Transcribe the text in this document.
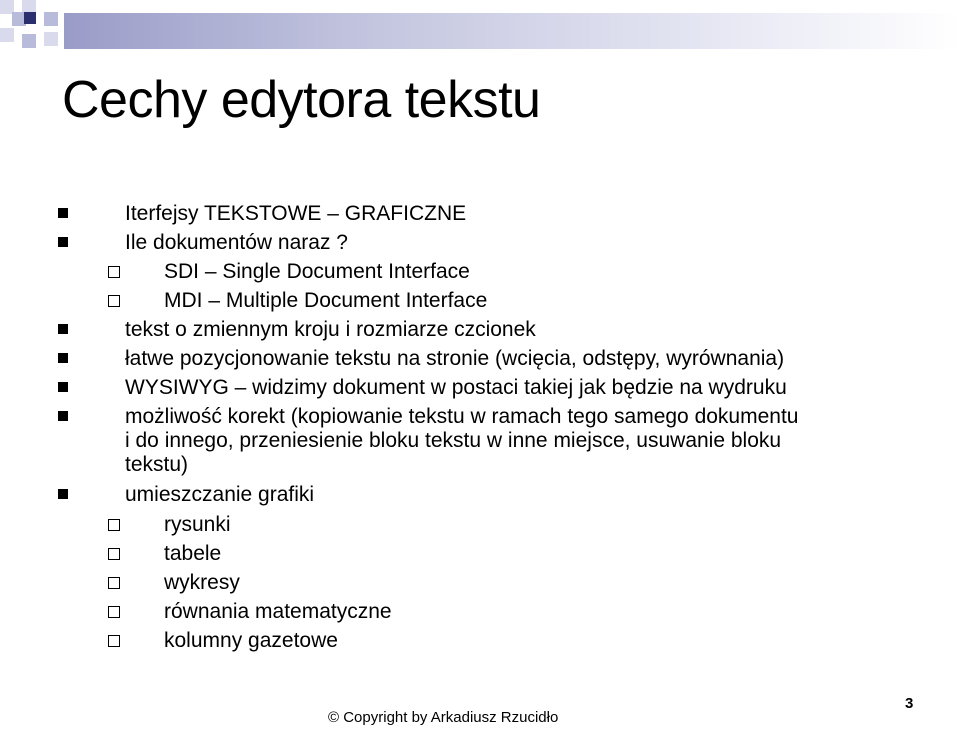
Cechy edytora tekstu
Iterfejsy TEKSTOWE – GRAFICZNE
Ile dokumentów naraz ?
SDI – Single Document Interface
MDI – Multiple Document Interface
tekst o zmiennym kroju i rozmiarze czcionek
łatwe pozycjonowanie tekstu na stronie (wcięcia, odstępy, wyrównania)
WYSIWYG – widzimy dokument w postaci takiej jak będzie na wydruku
możliwość korekt (kopiowanie tekstu w ramach tego samego dokumentu
i do innego, przeniesienie bloku tekstu w inne miejsce, usuwanie bloku
tekstu)
umieszczanie grafiki
rysunki
tabele
wykresy
równania matematyczne
kolumny gazetowe
© Copyright by Arkadiusz Rzucidło
3
